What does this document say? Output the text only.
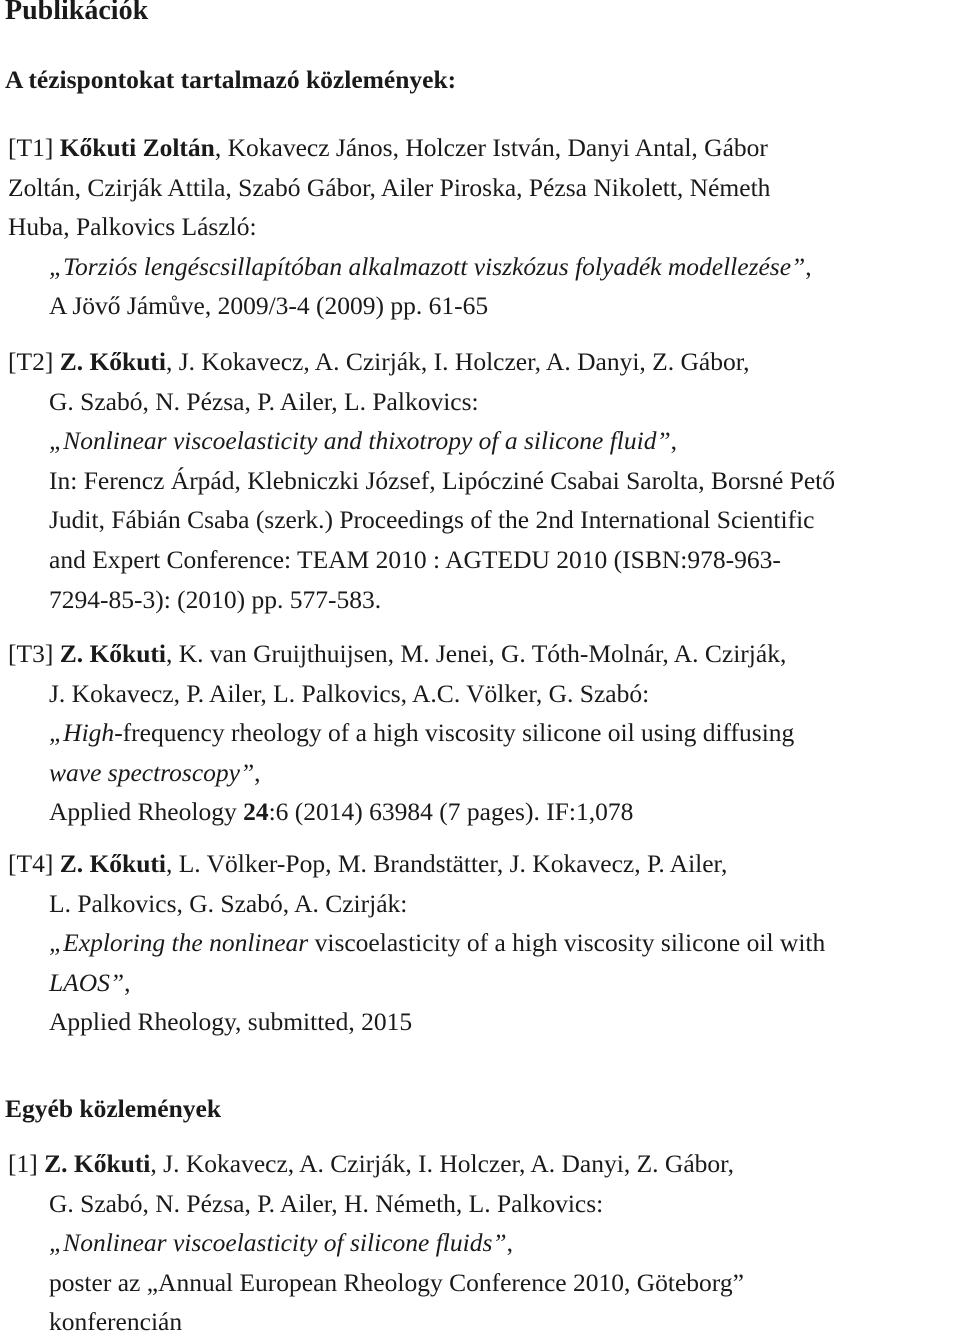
Publikációk
A tézispontokat tartalmazó közlemények:
[T1] Kőkuti Zoltán, Kokavecz János, Holczer István, Danyi Antal, Gábor
Zoltán, Czirják Attila, Szabó Gábor, Ailer Piroska, Pézsa Nikolett, Németh
Huba, Palkovics László:
„Torziós lengéscsillapítóban alkalmazott viszkózus folyadék modellezése”,
A Jövő Jámůve, 2009/3-4 (2009) pp. 61-65
[T2] Z. Kőkuti, J. Kokavecz, A. Czirják, I. Holczer, A. Danyi, Z. Gábor,
G. Szabó, N. Pézsa, P. Ailer, L. Palkovics:
„Nonlinear viscoelasticity and thixotropy of a silicone fluid”,
In: Ferencz Árpád, Klebniczki József, Lipócziné Csabai Sarolta, Borsné Pető
Judit, Fábián Csaba (szerk.) Proceedings of the 2nd International Scientific
and Expert Conference: TEAM 2010 : AGTEDU 2010 (ISBN:978-963-
7294-85-3): (2010) pp. 577-583.
[T3] Z. Kőkuti, K. van Gruijthuijsen, M. Jenei, G. Tóth-Molnár, A. Czirják,
J. Kokavecz, P. Ailer, L. Palkovics, A.C. Völker, G. Szabó:
„High-frequency rheology of a high viscosity silicone oil using diffusing
wave spectroscopy”,
Applied Rheology 24:6 (2014) 63984 (7 pages). IF:1,078
[T4] Z. Kőkuti, L. Völker-Pop, M. Brandstätter, J. Kokavecz, P. Ailer,
L. Palkovics, G. Szabó, A. Czirják:
„Exploring the nonlinear viscoelasticity of a high viscosity silicone oil with
LAOS”,
Applied Rheology, submitted, 2015
Egyéb közlemények
[1] Z. Kőkuti, J. Kokavecz, A. Czirják, I. Holczer, A. Danyi, Z. Gábor,
G. Szabó, N. Pézsa, P. Ailer, H. Németh, L. Palkovics:
„Nonlinear viscoelasticity of silicone fluids”,
poster az „Annual European Rheology Conference 2010, Göteborg”
konferencián
